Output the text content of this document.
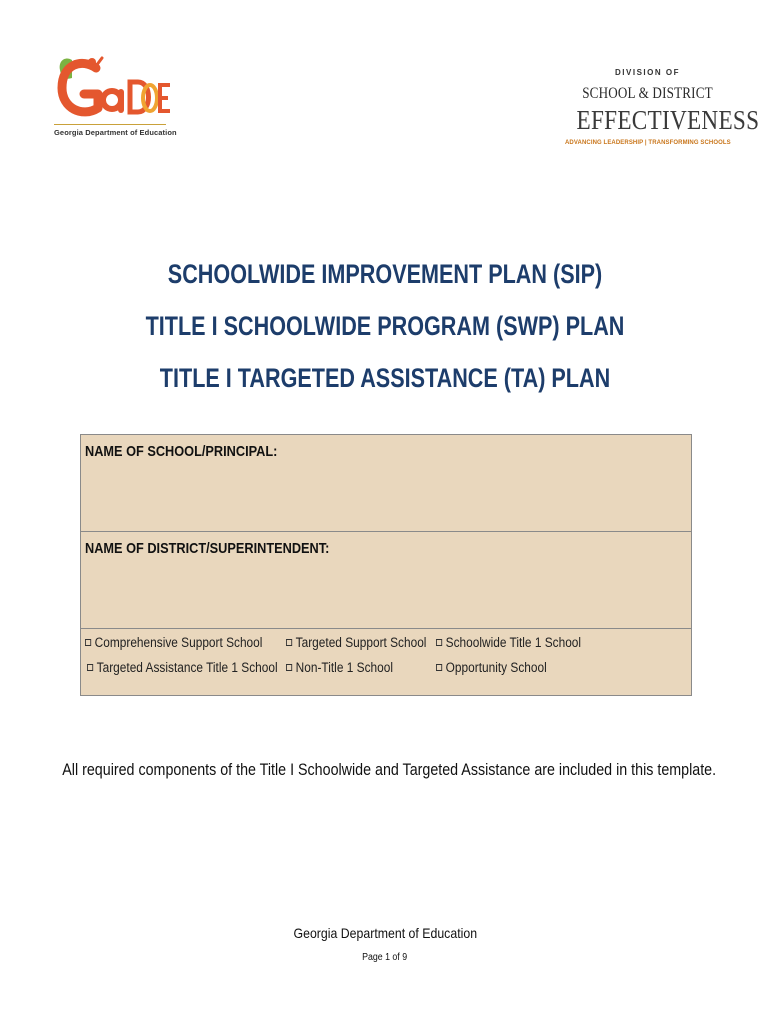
Georgia Department of Education
DIVISION OF
SCHOOL & DISTRICT
EFFECTIVENESS
ADVANCING LEADERSHIP | TRANSFORMING SCHOOLS
SCHOOLWIDE IMPROVEMENT PLAN (SIP)
TITLE I SCHOOLWIDE PROGRAM (SWP) PLAN
TITLE I TARGETED ASSISTANCE (TA) PLAN
NAME OF SCHOOL/PRINCIPAL:
NAME OF DISTRICT/SUPERINTENDENT:
Comprehensive Support School	Targeted Support School	Schoolwide Title 1 School
Targeted Assistance Title 1 School	Non-Title 1 School	Opportunity School
All required components of the Title I Schoolwide and Targeted Assistance are included in this template.
Georgia Department of Education
Page 1 of 9
